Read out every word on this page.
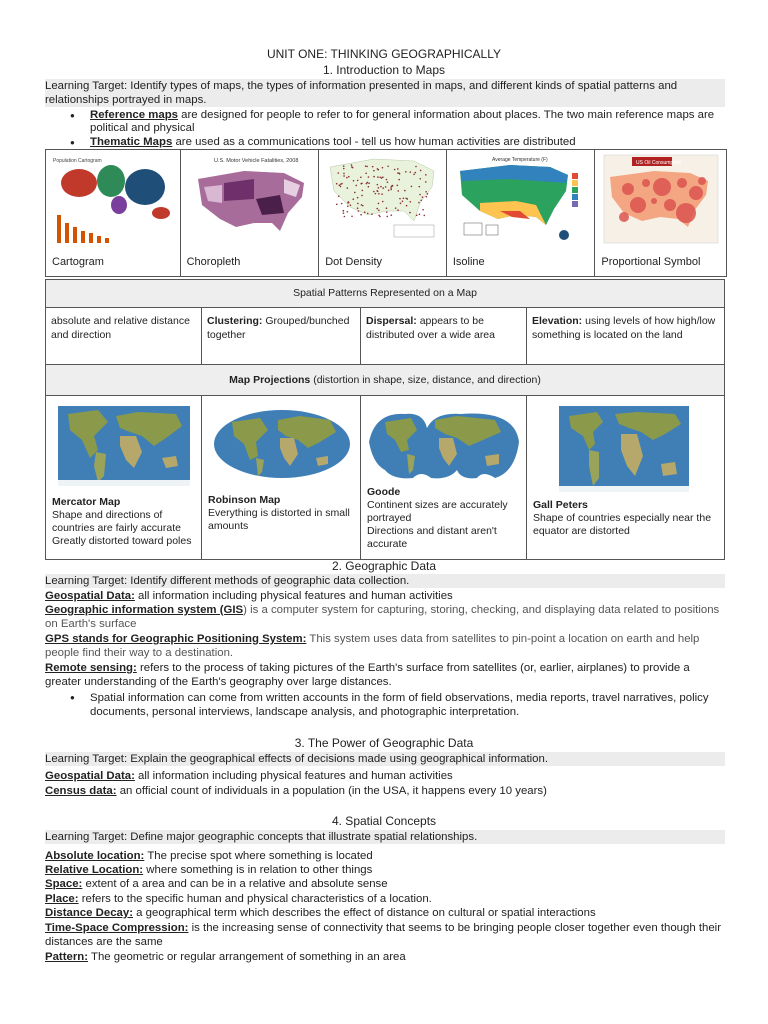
UNIT ONE: THINKING GEOGRAPHICALLY
1. Introduction to Maps
Learning Target: Identify types of maps, the types of information presented in maps, and different kinds of spatial patterns and relationships portrayed in maps.
● Reference maps are designed for people to refer to for general information about places. The two main reference maps are political and physical
● Thematic Maps are used as a communications tool - tell us how human activities are distributed
Population Cartogram
Cartogram
U.S. Motor Vehicle Fatalities, 2008
Choropleth	Dot Density
Average Temperature (F)
Isoline
US Oil Consumption
Proportional Symbol
Spatial Patterns Represented on a Map
absolute and relative distance and direction
Clustering: Grouped/bunched together
Dispersal: appears to be distributed over a wide area
Elevation: using levels of how high/low something is located on the land
Map Projections (distortion in shape, size, distance, and direction)
Mercator Map
Shape and directions of
countries are fairly accurate
Greatly distorted toward poles
Robinson Map
Everything is distorted in small
amounts
Goode
Continent sizes are accurately
portrayed
Directions and distant aren't
accurate
Gall Peters
Shape of countries especially near the
equator are distorted
2. Geographic Data
Learning Target: Identify different methods of geographic data collection.
Geospatial Data: all information including physical features and human activities
Geographic information system (GIS) is a computer system for capturing, storing, checking, and displaying data related to positions on Earth's surface
GPS stands for Geographic Positioning System: This system uses data from satellites to pin-point a location on earth and help people find their way to a destination.
Remote sensing: refers to the process of taking pictures of the Earth's surface from satellites (or, earlier, airplanes) to provide a greater understanding of the Earth's geography over large distances.
● Spatial information can come from written accounts in the form of field observations, media reports, travel narratives, policy documents, personal interviews, landscape analysis, and photographic interpretation.
3. The Power of Geographic Data
Learning Target: Explain the geographical effects of decisions made using geographical information.
Geospatial Data: all information including physical features and human activities
Census data: an official count of individuals in a population (in the USA, it happens every 10 years)
4. Spatial Concepts
Learning Target: Define major geographic concepts that illustrate spatial relationships.
Absolute location: The precise spot where something is located
Relative Location: where something is in relation to other things
Space: extent of a area and can be in a relative and absolute sense
Place: refers to the specific human and physical characteristics of a location.
Distance Decay: a geographical term which describes the effect of distance on cultural or spatial interactions
Time-Space Compression: is the increasing sense of connectivity that seems to be bringing people closer together even though their distances are the same
Pattern: The geometric or regular arrangement of something in an area
